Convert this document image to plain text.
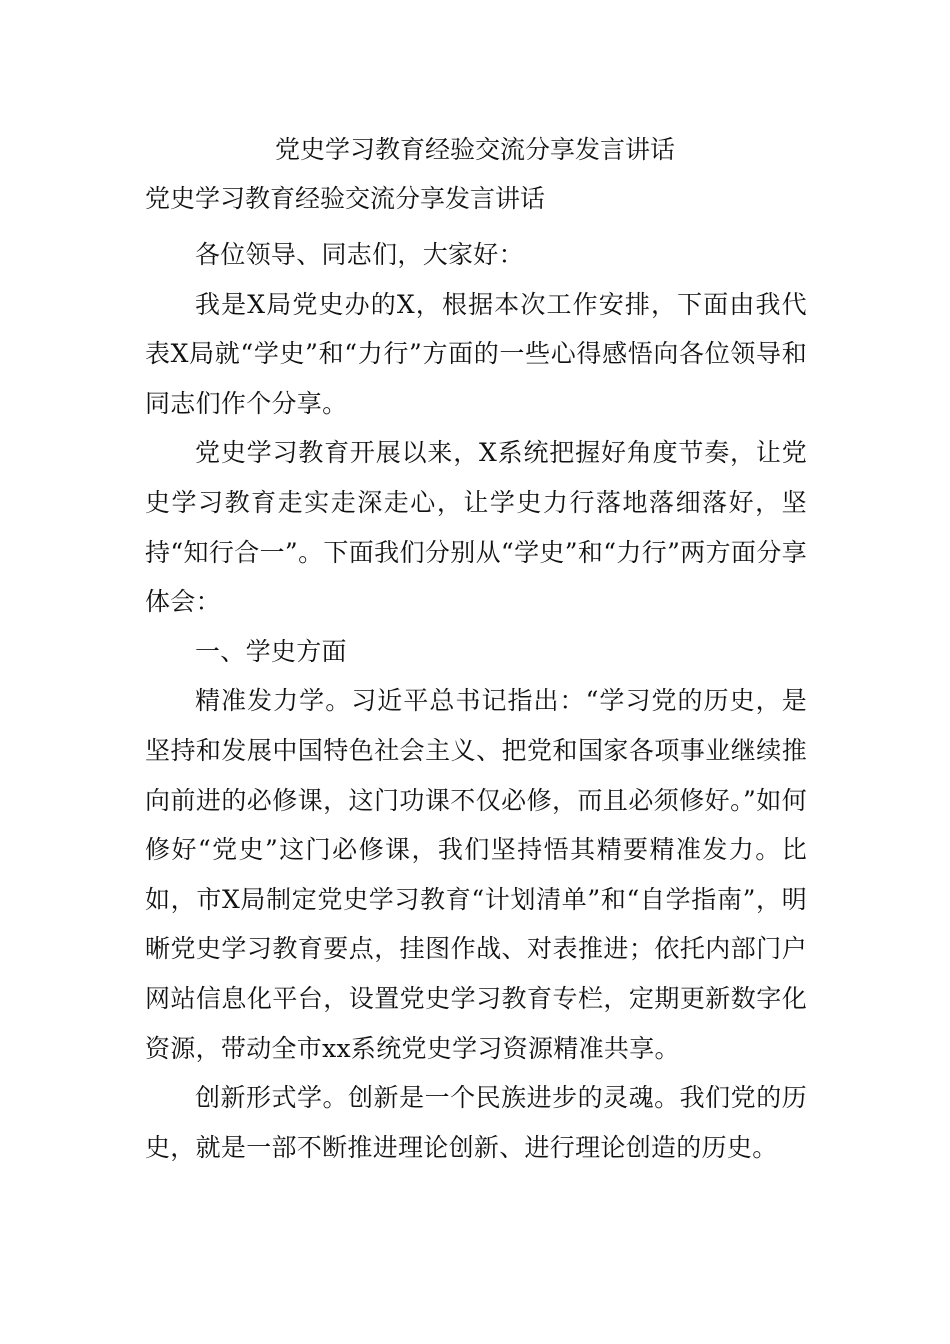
党史学习教育经验交流分享发言讲话
党史学习教育经验交流分享发言讲话

各位领导、同志们，大家好：

我是X局党史办的X，根据本次工作安排，下面由我代表X局就“学史”和“力行”方面的一些心得感悟向各位领导和同志们作个分享。

党史学习教育开展以来，X系统把握好角度节奏，让党史学习教育走实走深走心，让学史力行落地落细落好，坚持“知行合一”。下面我们分别从“学史”和“力行”两方面分享体会：

一、学史方面

精准发力学。习近平总书记指出：“学习党的历史，是坚持和发展中国特色社会主义、把党和国家各项事业继续推向前进的必修课，这门功课不仅必修，而且必须修好。”如何修好“党史”这门必修课，我们坚持悟其精要精准发力。比如，市X局制定党史学习教育“计划清单”和“自学指南”，明晰党史学习教育要点，挂图作战、对表推进；依托内部门户网站信息化平台，设置党史学习教育专栏，定期更新数字化资源，带动全市xx系统党史学习资源精准共享。

创新形式学。创新是一个民族进步的灵魂。我们党的历史，就是一部不断推进理论创新、进行理论创造的历史。
